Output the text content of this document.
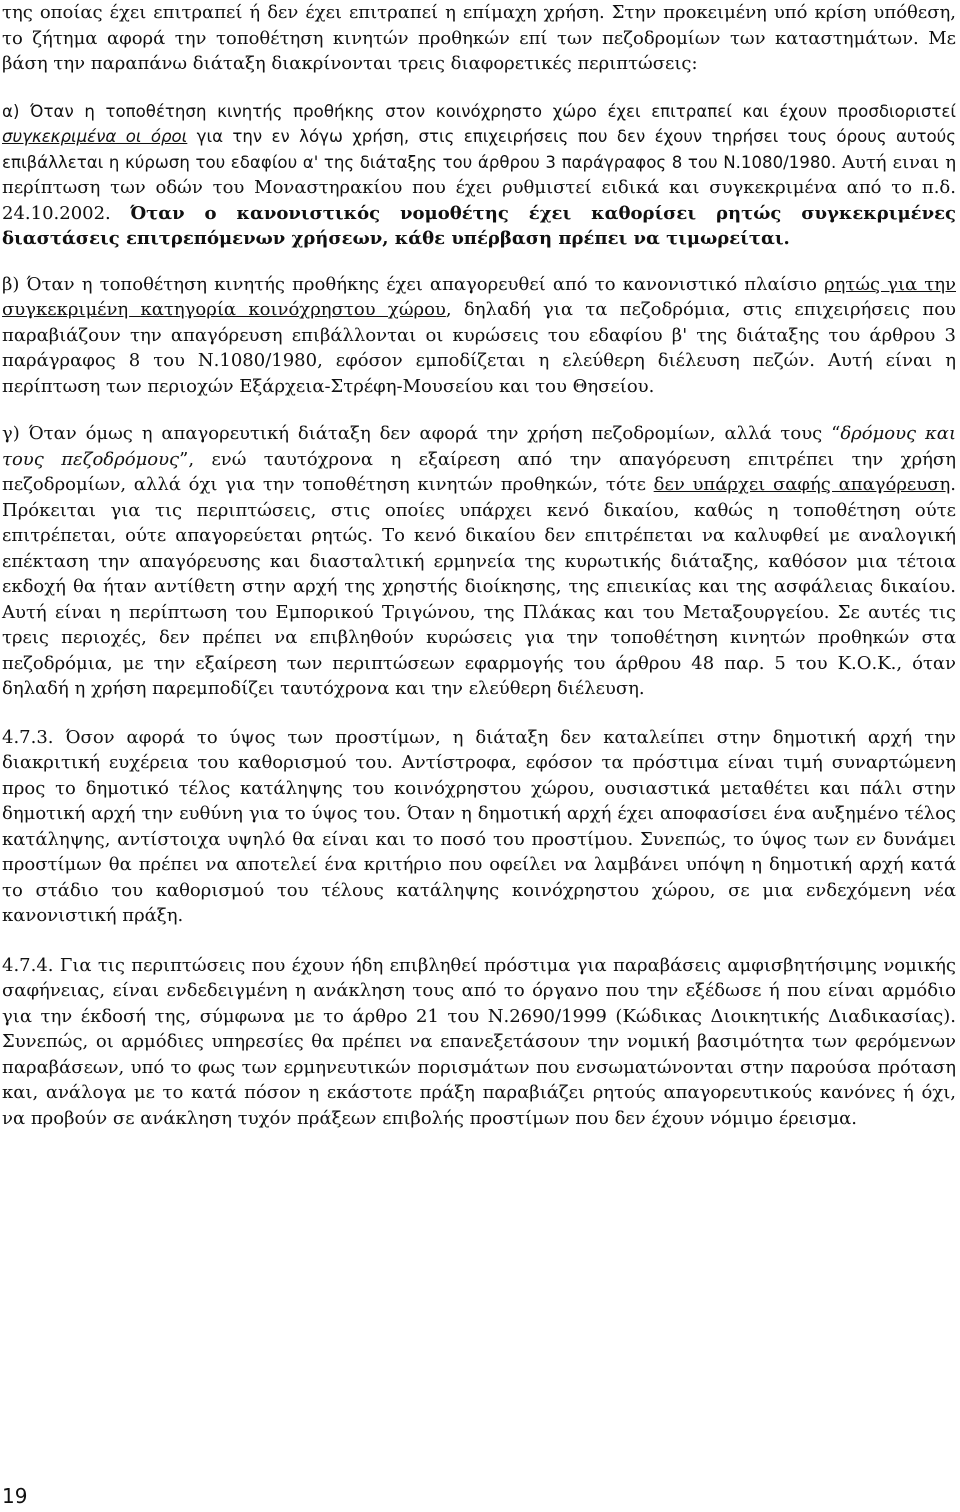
της οποίας έχει επιτραπεί ή δεν έχει επιτραπεί η επίμαχη χρήση. Στην προκειμένη υπό κρίση υπόθεση, το ζήτημα αφορά την τοποθέτηση κινητών προθηκών επί των πεζοδρομίων των καταστημάτων. Με βάση την παραπάνω διάταξη διακρίνονται τρεις διαφορετικές περιπτώσεις:

α) Όταν η τοποθέτηση κινητής προθήκης στον κοινόχρηστο χώρο έχει επιτραπεί και έχουν προσδιοριστεί συγκεκριμένα οι όροι για την εν λόγω χρήση, στις επιχειρήσεις που δεν έχουν τηρήσει τους όρους αυτούς επιβάλλεται η κύρωση του εδαφίου α' της διάταξης του άρθρου 3 παράγραφος 8 του Ν.1080/1980. Αυτή ειναι η περίπτωση των οδών του Μοναστηρακίου που έχει ρυθμιστεί ειδικά και συγκεκριμένα από το π.δ. 24.10.2002. Όταν ο κανονιστικός νομοθέτης έχει καθορίσει ρητώς συγκεκριμένες διαστάσεις επιτρεπόμενων χρήσεων, κάθε υπέρβαση πρέπει να τιμωρείται.

β) Όταν η τοποθέτηση κινητής προθήκης έχει απαγορευθεί από το κανονιστικό πλαίσιο ρητώς για την συγκεκριμένη κατηγορία κοινόχρηστου χώρου, δηλαδή για τα πεζοδρόμια, στις επιχειρήσεις που παραβιάζουν την απαγόρευση επιβάλλονται οι κυρώσεις του εδαφίου β' της διάταξης του άρθρου 3 παράγραφος 8 του Ν.1080/1980, εφόσον εμποδίζεται η ελεύθερη διέλευση πεζών. Αυτή είναι η περίπτωση των περιοχών Εξάρχεια-Στρέφη-Μουσείου και του Θησείου.

γ) Όταν όμως η απαγορευτική διάταξη δεν αφορά την χρήση πεζοδρομίων, αλλά τους “δρόμους και τους πεζοδρόμους”, ενώ ταυτόχρονα η εξαίρεση από την απαγόρευση επιτρέπει την χρήση πεζοδρομίων, αλλά όχι για την τοποθέτηση κινητών προθηκών, τότε δεν υπάρχει σαφής απαγόρευση. Πρόκειται για τις περιπτώσεις, στις οποίες υπάρχει κενό δικαίου, καθώς η τοποθέτηση ούτε επιτρέπεται, ούτε απαγορεύεται ρητώς. Το κενό δικαίου δεν επιτρέπεται να καλυφθεί με αναλογική επέκταση την απαγόρευσης και διασταλτική ερμηνεία της κυρωτικής διάταξης, καθόσον μια τέτοια εκδοχή θα ήταν αντίθετη στην αρχή της χρηστής διοίκησης, της επιεικίας και της ασφάλειας δικαίου. Αυτή είναι η περίπτωση του Εμπορικού Τριγώνου, της Πλάκας και του Μεταξουργείου. Σε αυτές τις τρεις περιοχές, δεν πρέπει να επιβληθούν κυρώσεις για την τοποθέτηση κινητών προθηκών στα πεζοδρόμια, με την εξαίρεση των περιπτώσεων εφαρμογής του άρθρου 48 παρ. 5 του Κ.Ο.Κ., όταν δηλαδή η χρήση παρεμποδίζει ταυτόχρονα και την ελεύθερη διέλευση.

4.7.3. Όσον αφορά το ύψος των προστίμων, η διάταξη δεν καταλείπει στην δημοτική αρχή την διακριτική ευχέρεια του καθορισμού του. Αντίστροφα, εφόσον τα πρόστιμα είναι τιμή συναρτώμενη προς το δημοτικό τέλος κατάληψης του κοινόχρηστου χώρου, ουσιαστικά μεταθέτει και πάλι στην δημοτική αρχή την ευθύνη για το ύψος του. Όταν η δημοτική αρχή έχει αποφασίσει ένα αυξημένο τέλος κατάληψης, αντίστοιχα υψηλό θα είναι και το ποσό του προστίμου. Συνεπώς, το ύψος των εν δυνάμει προστίμων θα πρέπει να αποτελεί ένα κριτήριο που οφείλει να λαμβάνει υπόψη η δημοτική αρχή κατά το στάδιο του καθορισμού του τέλους κατάληψης κοινόχρηστου χώρου, σε μια ενδεχόμενη νέα κανονιστική πράξη.

4.7.4. Για τις περιπτώσεις που έχουν ήδη επιβληθεί πρόστιμα για παραβάσεις αμφισβητήσιμης νομικής σαφήνειας, είναι ενδεδειγμένη η ανάκληση τους από το όργανο που την εξέδωσε ή που είναι αρμόδιο για την έκδοσή της, σύμφωνα με το άρθρο 21 του Ν.2690/1999 (Κώδικας Διοικητικής Διαδικασίας). Συνεπώς, οι αρμόδιες υπηρεσίες θα πρέπει να επανεξετάσουν την νομική βασιμότητα των φερόμενων παραβάσεων, υπό το φως των ερμηνευτικών πορισμάτων που ενσωματώνονται στην παρούσα πρόταση και, ανάλογα με το κατά πόσον η εκάστοτε πράξη παραβιάζει ρητούς απαγορευτικούς κανόνες ή όχι, να προβούν σε ανάκληση τυχόν πράξεων επιβολής προστίμων που δεν έχουν νόμιμο έρεισμα.

19
